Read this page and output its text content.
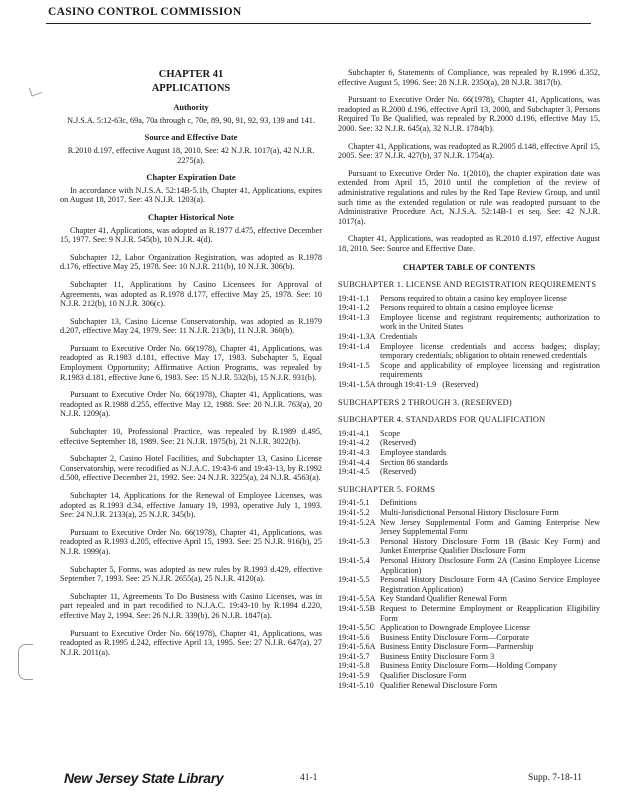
CASINO CONTROL COMMISSION
CHAPTER 41
APPLICATIONS
Authority
N.J.S.A. 5:12-63c, 69a, 70a through c, 70e, 89, 90, 91, 92, 93, 139 and 141.
Source and Effective Date
R.2010 d.197, effective August 18, 2010. See: 42 N.J.R. 1017(a), 42 N.J.R. 2275(a).
Chapter Expiration Date

In accordance with N.J.S.A. 52:14B-5.1b, Chapter 41, Applications, expires on August 18, 2017. See: 43 N.J.R. 1203(a).

Chapter Historical Note

Chapter 41, Applications, was adopted as R.1977 d.475, effective December 15, 1977. See: 9 N.J.R. 545(b), 10 N.J.R. 4(d).

Subchapter 12, Labor Organization Registration, was adopted as R.1978 d.176, effective May 25, 1978. See: 10 N.J.R. 211(b), 10 N.J.R. 306(b).

Subchapter 11, Applications by Casino Licensees for Approval of Agreements, was adopted as R.1978 d.177, effective May 25, 1978. See: 10 N.J.R. 212(b), 10 N.J.R. 306(c).

Subchapter 13, Casino License Conservatorship, was adopted as R.1979 d.207, effective May 24, 1979. See: 11 N.J.R. 213(b), 11 N.J.R. 360(b).

Pursuant to Executive Order No. 66(1978), Chapter 41, Applications, was readopted as R.1983 d.181, effective May 17, 1983. Subchapter 5, Equal Employment Opportunity; Affirmative Action Programs, was repealed by R.1983 d.181, effective June 6, 1983. See: 15 N.J.R. 532(b), 15 N.J.R. 931(b).

Pursuant to Executive Order No. 66(1978), Chapter 41, Applications, was readopted as R.1988 d.255, effective May 12, 1988. See: 20 N.J.R. 763(a), 20 N.J.R. 1209(a).

Subchapter 10, Professional Practice, was repealed by R.1989 d.495, effective September 18, 1989. See: 21 N.J.R. 1975(b), 21 N.J.R. 3022(b).

Subchapter 2, Casino Hotel Facilities, and Subchapter 13, Casino License Conservatorship, were recodified as N.J.A.C. 19:43-6 and 19:43-13, by R.1992 d.500, effective December 21, 1992. See: 24 N.J.R. 3225(a), 24 N.J.R. 4563(a).

Subchapter 14, Applications for the Renewal of Employee Licenses, was adopted as R.1993 d.34, effective January 19, 1993, operative July 1, 1993. See: 24 N.J.R. 2133(a), 25 N.J.R. 345(b).

Pursuant to Executive Order No. 66(1978), Chapter 41, Applications, was readopted as R.1993 d.205, effective April 15, 1993. See: 25 N.J.R. 916(b), 25 N.J.R. 1999(a).

Subchapter 5, Forms, was adopted as new rules by R.1993 d.429, effective September 7, 1993. See: 25 N.J.R. 2655(a), 25 N.J.R. 4120(a).

Subchapter 11, Agreements To Do Business with Casino Licenses, was in part repealed and in part recodified to N.J.A.C. 19:43-10 by R.1994 d.220, effective May 2, 1994. See: 26 N.J.R. 339(b), 26 N.J.R. 1847(a).

Pursuant to Executive Order No. 66(1978), Chapter 41, Applications, was readopted as R.1995 d.242, effective April 13, 1995. See: 27 N.J.R. 647(a), 27 N.J.R. 2011(a).

Subchapter 6, Statements of Compliance, was repealed by R.1996 d.352, effective August 5, 1996. See: 28 N.J.R. 2350(a), 28 N.J.R. 3817(b).

Pursuant to Executive Order No. 66(1978), Chapter 41, Applications, was readopted as R.2000 d.196, effective April 13, 2000, and Subchapter 3, Persons Required To Be Qualified, was repealed by R.2000 d.196, effective May 15, 2000. See: 32 N.J.R. 645(a), 32 N.J.R. 1784(b).

Chapter 41, Applications, was readopted as R.2005 d.148, effective April 15, 2005. See: 37 N.J.R. 427(b), 37 N.J.R. 1754(a).

Pursuant to Executive Order No. 1(2010), the chapter expiration date was extended from April 15, 2010 until the completion of the review of administrative regulations and rules by the Red Tape Review Group, and until such time as the extended regulation or rule was readopted pursuant to the Administrative Procedure Act, N.J.S.A. 52:14B-1 et seq. See: 42 N.J.R. 1017(a).

Chapter 41, Applications, was readopted as R.2010 d.197, effective August 18, 2010. See: Source and Effective Date.

CHAPTER TABLE OF CONTENTS
SUBCHAPTER 1. LICENSE AND REGISTRATION REQUIREMENTS
19:41-1.1	Persons required to obtain a casino key employee license
19:41-1.2	Persons required to obtain a casino employee license
19:41-1.3	Employee license and registrant requirements; authorization to work in the United States
19:41-1.3A Credentials
19:41-1.4	Employee license credentials and access badges; display; temporary credentials; obligation to obtain renewed credentials
19:41-1.5	Scope and applicability of employee licensing and registration requirements
19:41-1.5A through 19:41-1.9 (Reserved)
SUBCHAPTERS 2 THROUGH 3. (RESERVED)
SUBCHAPTER 4. STANDARDS FOR QUALIFICATION
19:41-4.1	Scope
19:41-4.2	(Reserved)
19:41-4.3	Employee standards
19:41-4.4	Section 86 standards
19:41-4.5	(Reserved)
SUBCHAPTER 5. FORMS
19:41-5.1	Definitions
19:41-5.2	Multi-Jurisdictional Personal History Disclosure Form
19:41-5.2A New Jersey Supplemental Form and Gaming Enterprise New Jersey Supplemental Form
19:41-5.3	Personal History Disclosure Form 1B (Basic Key Form) and Junket Enterprise Qualifier Disclosure Form
19:41-5.4	Personal History Disclosure Form 2A (Casino Employee License Application)
19:41-5.5	Personal History Disclosure Form 4A (Casino Service Employee Registration Application)
19:41-5.5A Key Standard Qualifier Renewal Form
19:41-5.5B Request to Determine Employment or Reapplication Eligibility Form
19:41-5.5C Application to Downgrade Employee License
19:41-5.6	Business Entity Disclosure Form—Corporate
19:41-5.6A Business Entity Disclosure Form—Partnership
19:41-5.7	Business Entity Disclosure Form 3
19:41-5.8	Business Entity Disclosure Form—Holding Company
19:41-5.9	Qualifier Disclosure Form
19:41-5.10 Qualifier Renewal Disclosure Form
New Jersey State Library	41-1	Supp. 7-18-11
